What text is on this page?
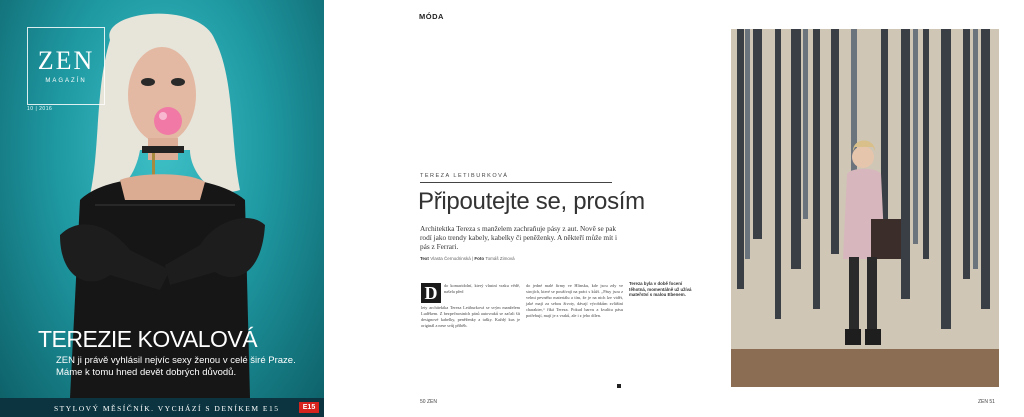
ZEN
MAGAZÍN
10 | 2016
TEREZIE KOVALOVÁ
ZEN ji právě vyhlásil nejvíc sexy ženou v celé širé Praze. Máme k tomu hned devět dobrých důvodů.
STYLOVÝ MĚSÍČNÍK. VYCHÁZÍ S DENÍKEM E15	E15
MÓDA
TEREZA LETIBURKOVÁ
Připoutejte se, prosím
Architektka Tereza s manželem zachraňuje pásy z aut. Nově se pak rodí jako trendy kabely, kabelky či peněženky. A někteří může mít i pás z Ferrari.
Text Vlasta Černodrinská | Foto Tomáš Zimová
D	do komaridolní, který vlastní vraku vědě, našela před
lety architektka Tereza Letiburková se svým manželem Luděkem. Z bezpečnostních pásů autovraků se začali šít designové kabelky, peněženky a tašky. Každý kus je originál a nese svůj příběh.
do jedné malé firmy ve Hlinsku, kde jsou zdy ve strojích, které se používají na práci s kůží. „Pásy jsou z velmi pevného materiálu a tím, že je na nich lze vidět, jaké mají za sebou životy, dávají výrobkům zvláštní charakter,“ říká Tereza. Pokud barvu a kvalitu pásu potřebují, mají je z vraků, ale i z jeho dílen.
Tereza byla v době focení těhotná, momentálně už užívá mateřství s malou Ebenem.
50 ZEN	ZEN 51
